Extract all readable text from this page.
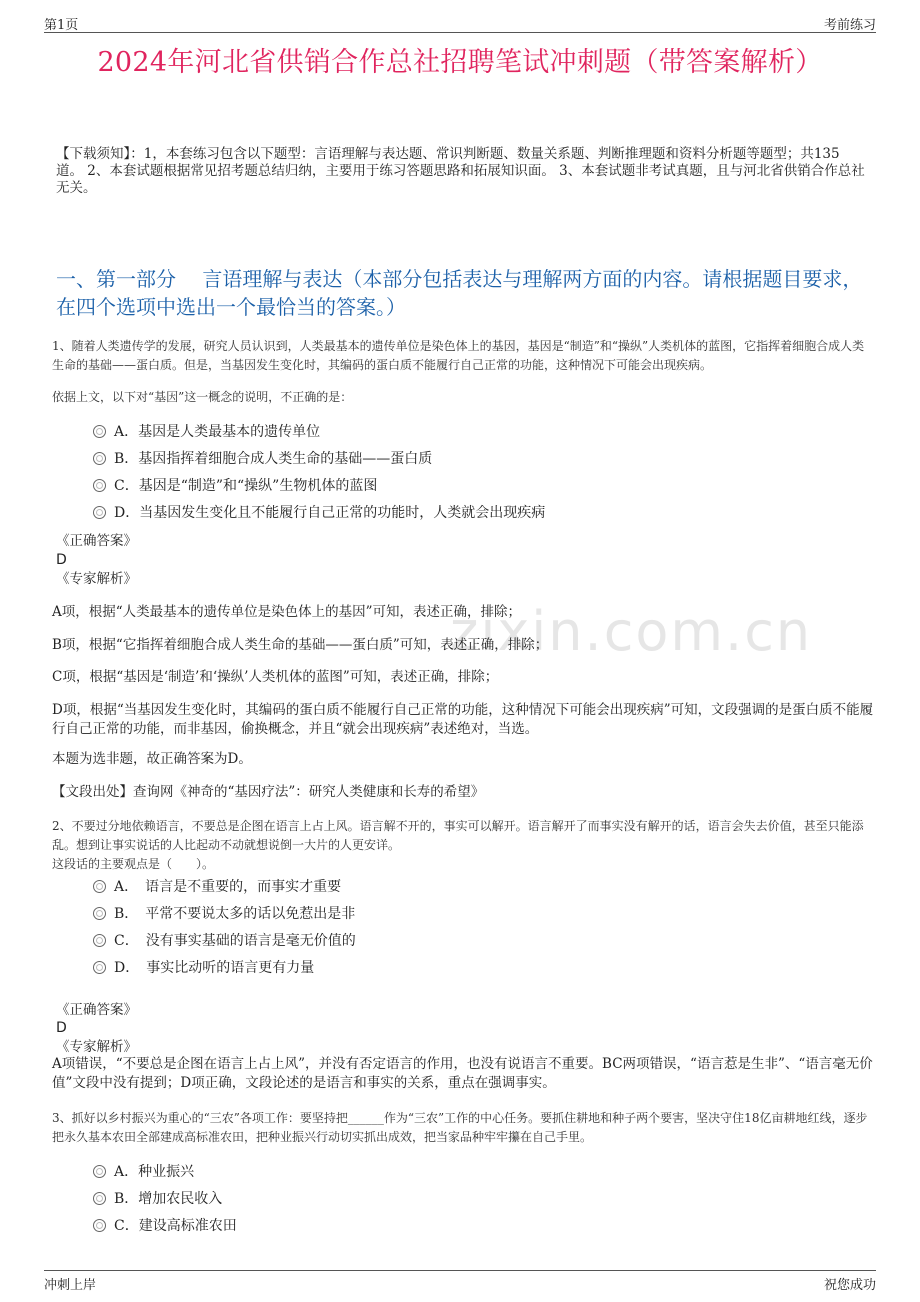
第1页	考前练习
2024年河北省供销合作总社招聘笔试冲刺题（带答案解析）
【下载须知】：1，本套练习包含以下题型：言语理解与表达题、常识判断题、数量关系题、判断推理题和资料分析题等题型；共135道。 2、本套试题根据常见招考题总结归纳，主要用于练习答题思路和拓展知识面。 3、本套试题非考试真题，且与河北省供销合作总社无关。
一、第一部分　 言语理解与表达（本部分包括表达与理解两方面的内容。请根据题目要求，在四个选项中选出一个最恰当的答案。）
zixin.com.cn
1、随着人类遗传学的发展，研究人员认识到，人类最基本的遗传单位是染色体上的基因，基因是“制造”和“操纵”人类机体的蓝图，它指挥着细胞合成人类生命的基础——蛋白质。但是，当基因发生变化时，其编码的蛋白质不能履行自己正常的功能，这种情况下可能会出现疾病。
依据上文，以下对“基因”这一概念的说明，不正确的是：
A．基因是人类最基本的遗传单位
B．基因指挥着细胞合成人类生命的基础——蛋白质
C．基因是“制造”和“操纵”生物机体的蓝图
D．当基因发生变化且不能履行自己正常的功能时，人类就会出现疾病
《正确答案》
D
《专家解析》
A项，根据“人类最基本的遗传单位是染色体上的基因”可知，表述正确，排除；
B项，根据“它指挥着细胞合成人类生命的基础——蛋白质”可知，表述正确，排除；
C项，根据“基因是‘制造’和‘操纵’人类机体的蓝图”可知，表述正确，排除；
D项，根据“当基因发生变化时，其编码的蛋白质不能履行自己正常的功能，这种情况下可能会出现疾病”可知，文段强调的是蛋白质不能履行自己正常的功能，而非基因，偷换概念，并且“就会出现疾病”表述绝对，当选。
本题为选非题，故正确答案为D。
【文段出处】查询网《神奇的“基因疗法”：研究人类健康和长寿的希望》
2、不要过分地依赖语言，不要总是企图在语言上占上风。语言解不开的，事实可以解开。语言解开了而事实没有解开的话，语言会失去价值，甚至只能添乱。想到让事实说话的人比起动不动就想说倒一大片的人更安详。
这段话的主要观点是（　　）。
A．　语言是不重要的，而事实才重要
B．　平常不要说太多的话以免惹出是非
C．　没有事实基础的语言是毫无价值的
D．　事实比动听的语言更有力量
《正确答案》
D
《专家解析》
A项错误，“不要总是企图在语言上占上风”，并没有否定语言的作用，也没有说语言不重要。BC两项错误，“语言惹是生非”、“语言毫无价值”文段中没有提到；D项正确，文段论述的是语言和事实的关系，重点在强调事实。
3、抓好以乡村振兴为重心的“三农”各项工作：要坚持把______作为“三农”工作的中心任务。要抓住耕地和种子两个要害，坚决守住18亿亩耕地红线，逐步把永久基本农田全部建成高标准农田，把种业振兴行动切实抓出成效，把当家品种牢牢攥在自己手里。
A．种业振兴
B．增加农民收入
C．建设高标准农田
冲刺上岸	祝您成功
